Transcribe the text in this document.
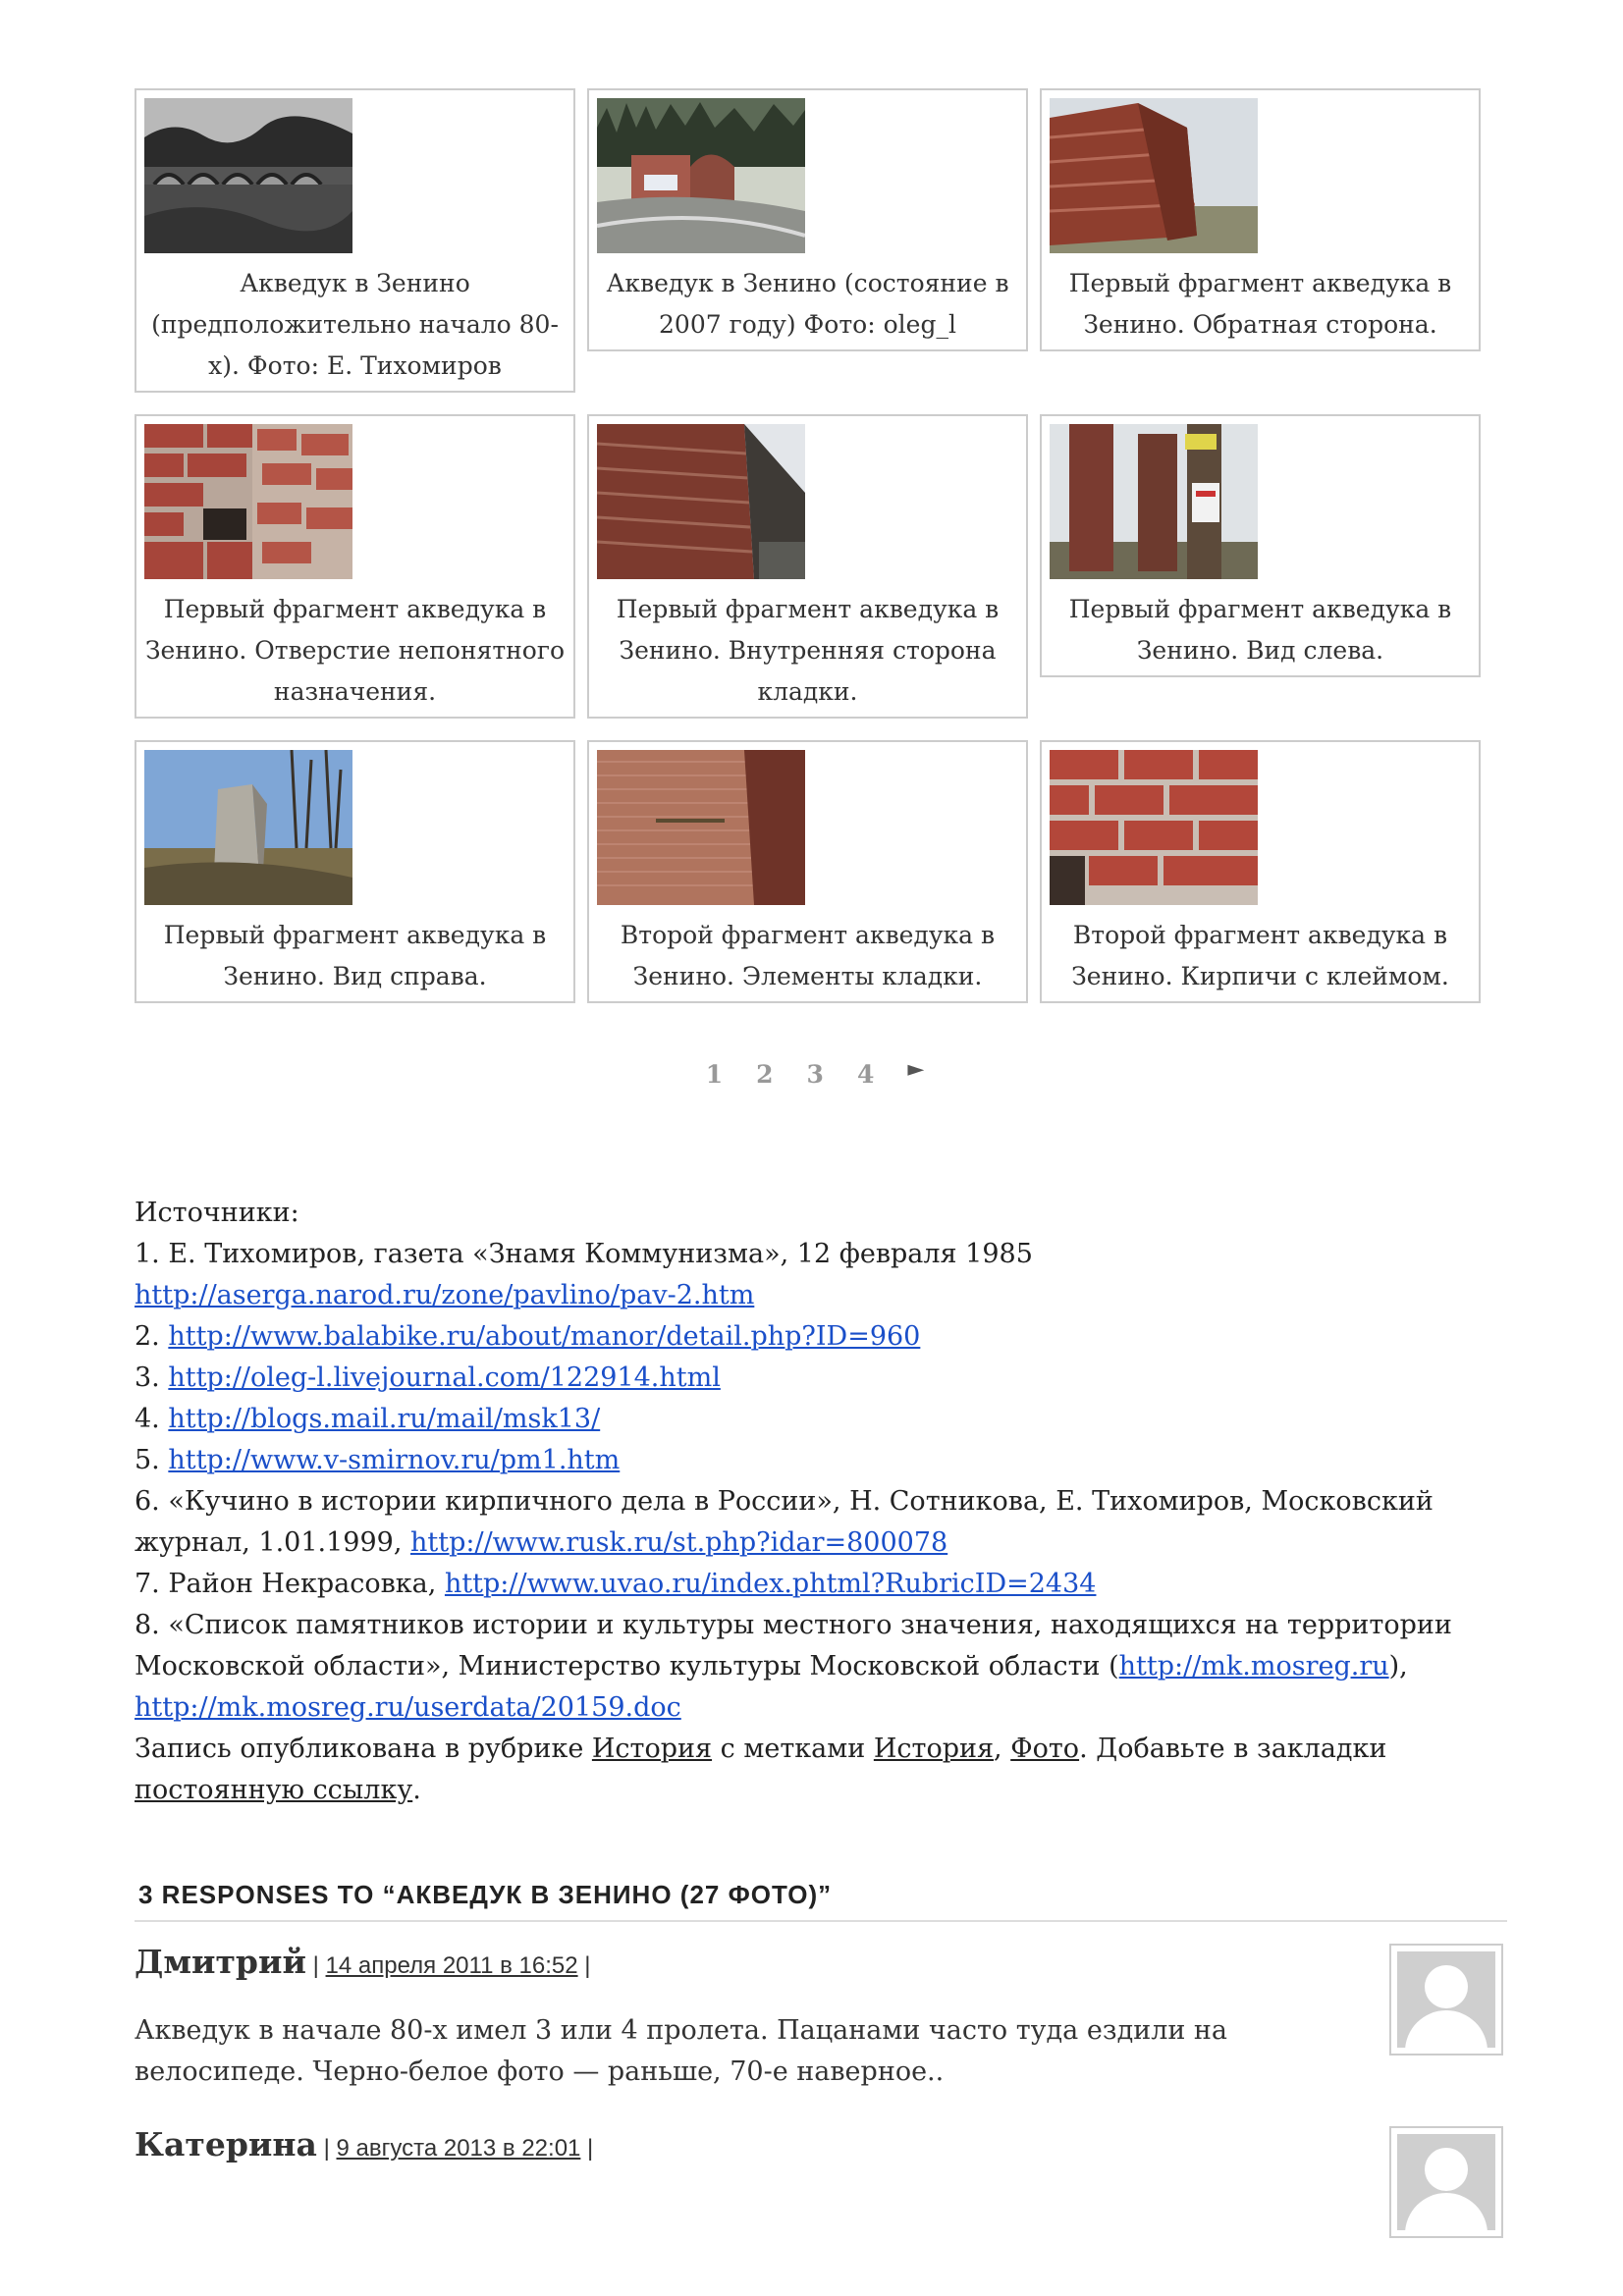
Акведук в Зенино (предположительно начало 80-х). Фото: Е. Тихомиров
Акведук в Зенино (состояние в 2007 году) Фото: oleg_l
Первый фрагмент акведука в Зенино. Обратная сторона.
Первый фрагмент акведука в Зенино. Отверстие непонятного назначения.
Первый фрагмент акведука в Зенино. Внутренняя сторона кладки.
Первый фрагмент акведука в Зенино. Вид слева.
Первый фрагмент акведука в Зенино. Вид справа.
Второй фрагмент акведука в Зенино. Элементы кладки.
Второй фрагмент акведука в Зенино. Кирпичи с клеймом.
1 2 3 4 ►

Источники:

1. Е. Тихомиров, газета «Знамя Коммунизма», 12 февраля 1985 http://aserga.narod.ru/zone/pavlino/pav-2.htm

2. http://www.balabike.ru/about/manor/detail.php?ID=960

3. http://oleg-l.livejournal.com/122914.html

4. http://blogs.mail.ru/mail/msk13/

5. http://www.v-smirnov.ru/pm1.htm

6. «Кучино в истории кирпичного дела в России», Н. Сотникова, Е. Тихомиров, Московский журнал, 1.01.1999, http://www.rusk.ru/st.php?idar=800078

7. Район Некрасовка, http://www.uvao.ru/index.phtml?RubricID=2434

8. «Список памятников истории и культуры местного значения, находящихся на территории Московской области», Министерство культуры Московской области (http://mk.mosreg.ru), http://mk.mosreg.ru/userdata/20159.doc

Запись опубликована в рубрике История с метками История, Фото. Добавьте в закладки постоянную ссылку.

3 RESPONSES TO “АКВЕДУК В ЗЕНИНО (27 ФОТО)”
Дмитрий | 14 апреля 2011 в 16:52 |
Акведук в начале 80-х имел 3 или 4 пролета. Пацанами часто туда ездили на велосипеде. Черно-белое фото — раньше, 70-е наверное..
Катерина | 9 августа 2013 в 22:01 |
